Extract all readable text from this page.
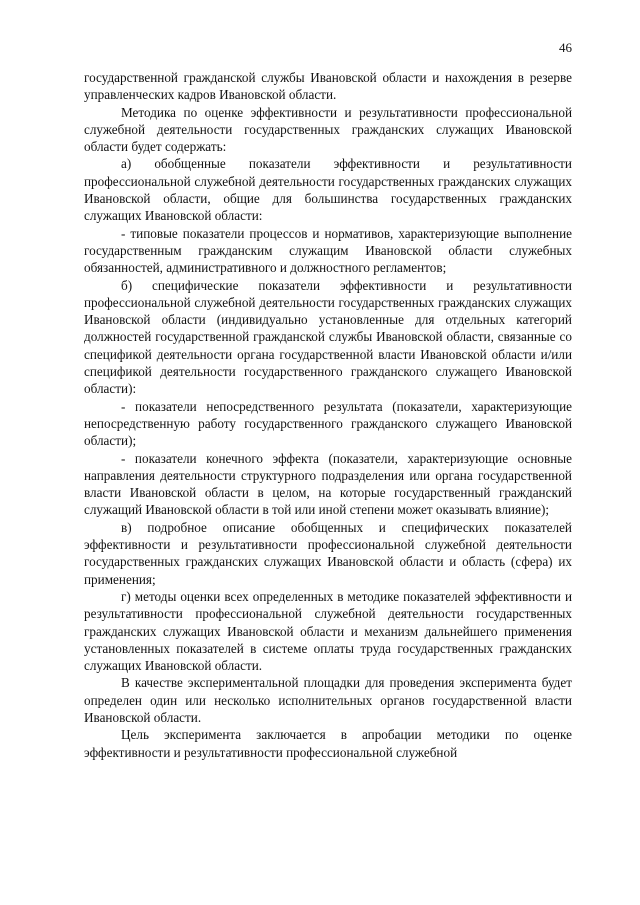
46

государственной гражданской службы Ивановской области и нахождения в резерве управленческих кадров Ивановской области.

Методика по оценке эффективности и результативности профессиональной служебной деятельности государственных гражданских служащих Ивановской области будет содержать:

а) обобщенные показатели эффективности и результативности профессиональной служебной деятельности государственных гражданских служащих Ивановской области, общие для большинства государственных гражданских служащих Ивановской области:

- типовые показатели процессов и нормативов, характеризующие выполнение государственным гражданским служащим Ивановской области служебных обязанностей, административного и должностного регламентов;

б) специфические показатели эффективности и результативности профессиональной служебной деятельности государственных гражданских служащих Ивановской области (индивидуально установленные для отдельных категорий должностей государственной гражданской службы Ивановской области, связанные со спецификой деятельности органа государственной власти Ивановской области и/или спецификой деятельности государственного гражданского служащего Ивановской области):

- показатели непосредственного результата (показатели, характеризующие непосредственную работу государственного гражданского служащего Ивановской области);

- показатели конечного эффекта (показатели, характеризующие основные направления деятельности структурного подразделения или органа государственной власти Ивановской области в целом, на которые государственный гражданский служащий Ивановской области в той или иной степени может оказывать влияние);

в) подробное описание обобщенных и специфических показателей эффективности и результативности профессиональной служебной деятельности государственных гражданских служащих Ивановской области и область (сфера) их применения;

г) методы оценки всех определенных в методике показателей эффективности и результативности профессиональной служебной деятельности государственных гражданских служащих Ивановской области и механизм дальнейшего применения установленных показателей в системе оплаты труда государственных гражданских служащих Ивановской области.

В качестве экспериментальной площадки для проведения эксперимента будет определен один или несколько исполнительных органов государственной власти Ивановской области.

Цель эксперимента заключается в апробации методики по оценке эффективности и результативности профессиональной служебной
